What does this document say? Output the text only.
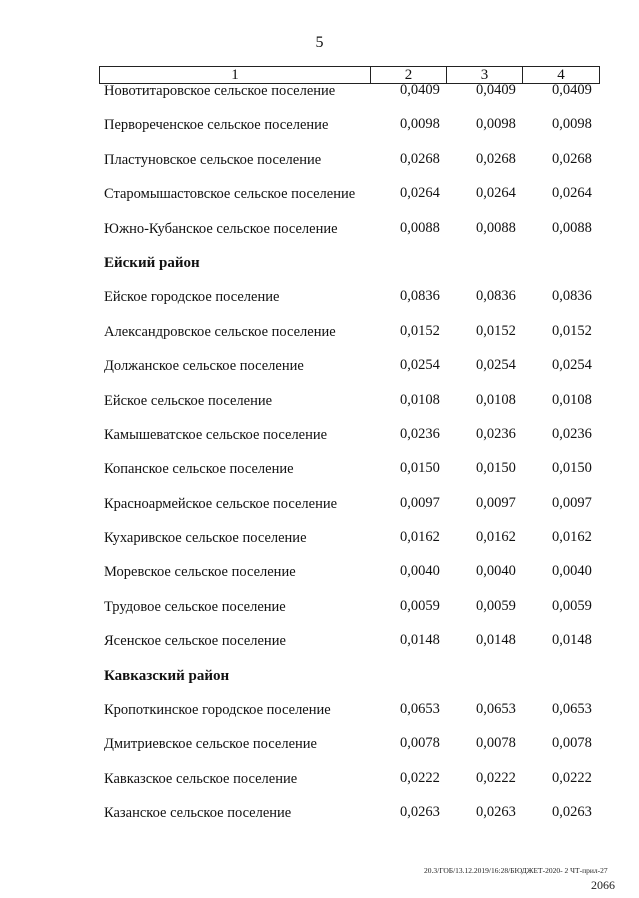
5
1	2	3	4
Новотитаровское сельское поселение	0,0409	0,0409	0,0409
Первореченское сельское поселение	0,0098	0,0098	0,0098
Пластуновское сельское поселение	0,0268	0,0268	0,0268
Старомышастовское сельское поселение	0,0264	0,0264	0,0264
Южно-Кубанское сельское поселение	0,0088	0,0088	0,0088
Ейский район
Ейское городское поселение	0,0836	0,0836	0,0836
Александровское сельское поселение	0,0152	0,0152	0,0152
Должанское сельское поселение	0,0254	0,0254	0,0254
Ейское сельское поселение	0,0108	0,0108	0,0108
Камышеватское сельское поселение	0,0236	0,0236	0,0236
Копанское сельское поселение	0,0150	0,0150	0,0150
Красноармейское сельское поселение	0,0097	0,0097	0,0097
Кухаривское сельское поселение	0,0162	0,0162	0,0162
Моревское сельское поселение	0,0040	0,0040	0,0040
Трудовое сельское поселение	0,0059	0,0059	0,0059
Ясенское сельское поселение	0,0148	0,0148	0,0148
Кавказский район
Кропоткинское городское поселение	0,0653	0,0653	0,0653
Дмитриевское сельское поселение	0,0078	0,0078	0,0078
Кавказское сельское поселение	0,0222	0,0222	0,0222
Казанское сельское поселение	0,0263	0,0263	0,0263
20.3/ГОБ/13.12.2019/16:28/БЮДЖЕТ-2020- 2 ЧТ-прил-27
2066
